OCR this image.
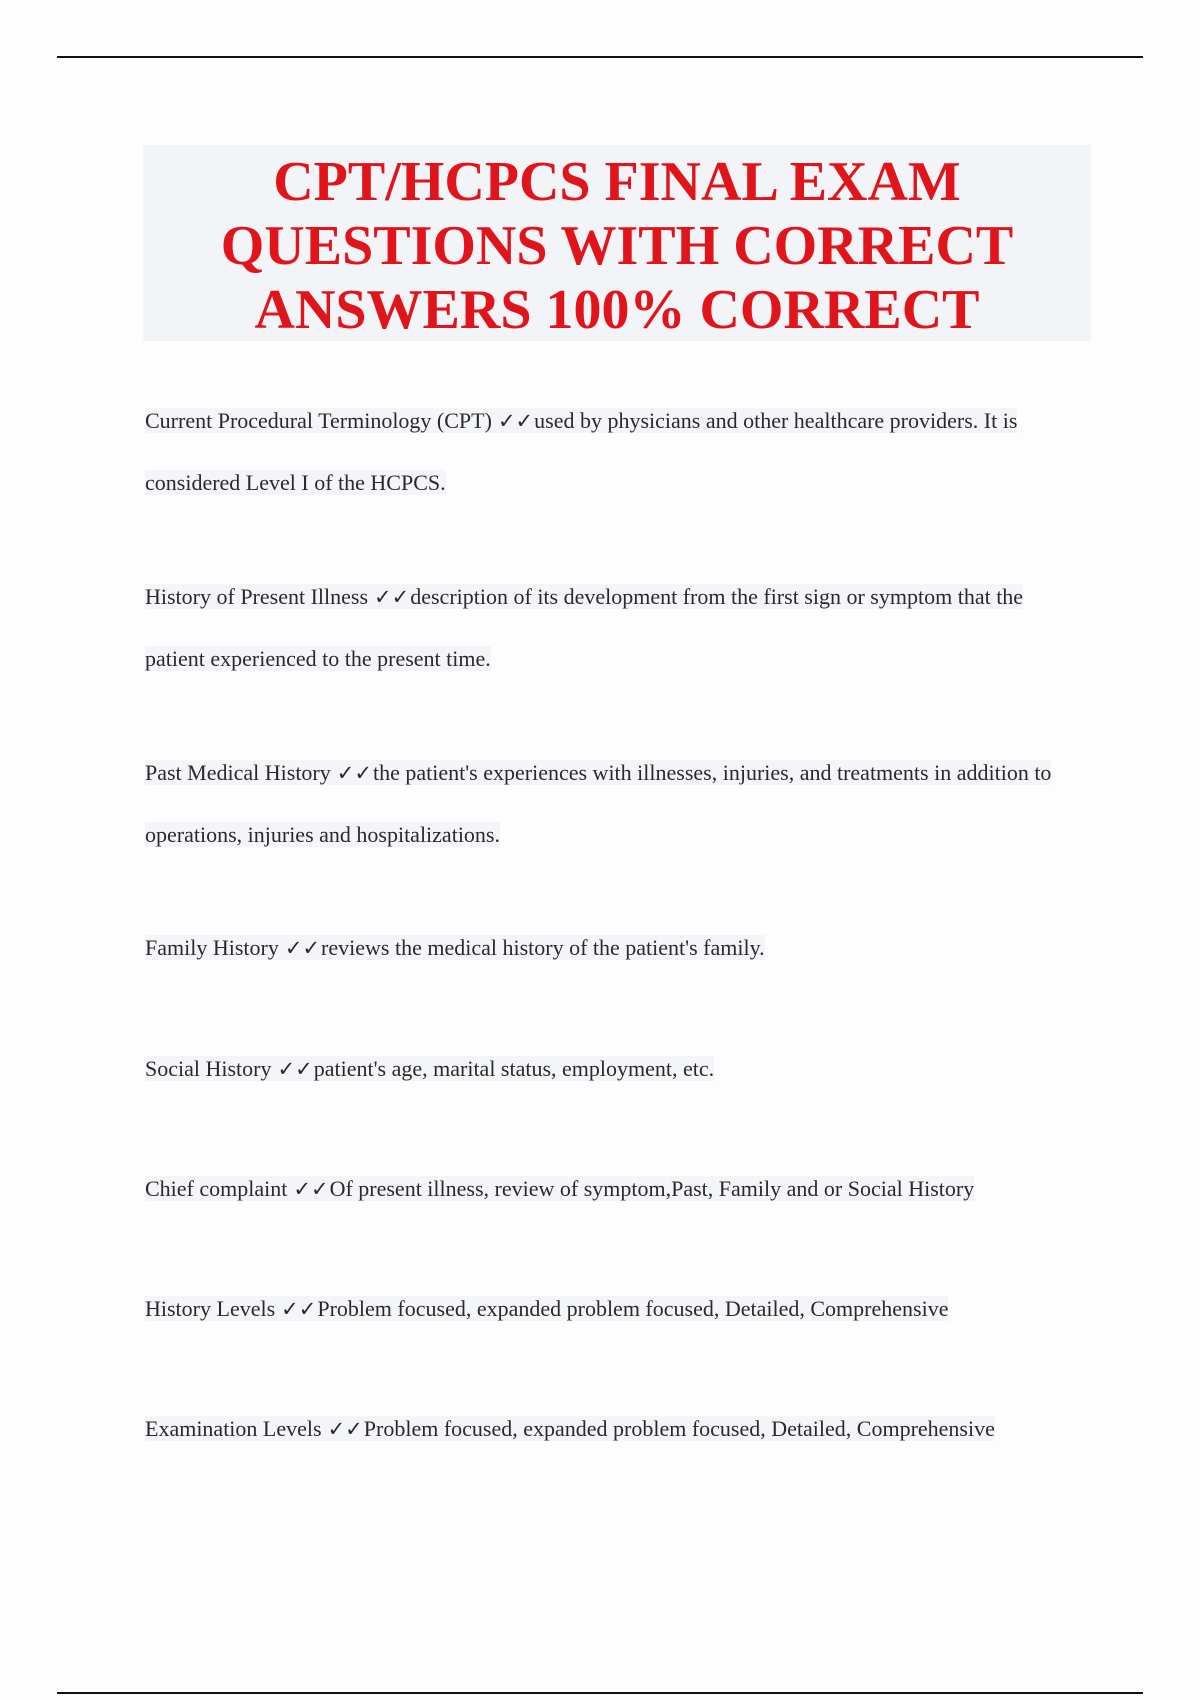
CPT/HCPCS FINAL EXAM QUESTIONS WITH CORRECT ANSWERS 100% CORRECT

Current Procedural Terminology (CPT) ✓✓used by physicians and other healthcare providers. It is considered Level I of the HCPCS.

History of Present Illness ✓✓description of its development from the first sign or symptom that the patient experienced to the present time.

Past Medical History ✓✓the patient's experiences with illnesses, injuries, and treatments in addition to operations, injuries and hospitalizations.

Family History ✓✓reviews the medical history of the patient's family.

Social History ✓✓patient's age, marital status, employment, etc.

Chief complaint ✓✓Of present illness, review of symptom,Past, Family and or Social History

History Levels ✓✓Problem focused, expanded problem focused, Detailed, Comprehensive

Examination Levels ✓✓Problem focused, expanded problem focused, Detailed, Comprehensive
